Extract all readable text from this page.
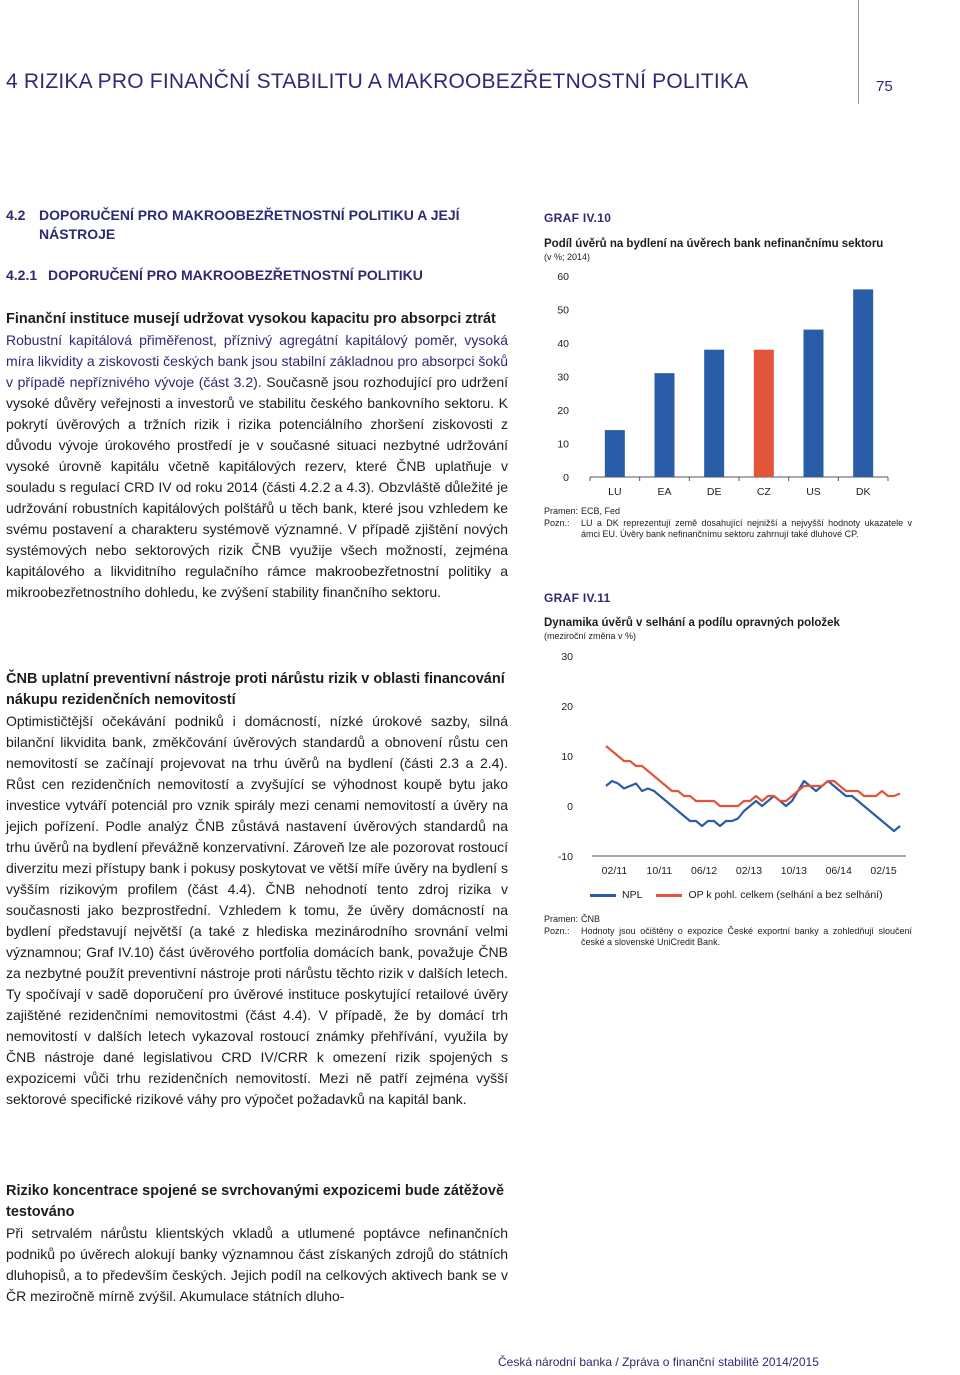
4 RIZIKA PRO FINANČNÍ STABILITU A MAKROOBEZŘETNOSTNÍ POLITIKA	75
4.2 DOPORUČENÍ PRO MAKROOBEZŘETNOSTNÍ POLITIKU A JEJÍ
NÁSTROJE
4.2.1 DOPORUČENÍ PRO MAKROOBEZŘETNOSTNÍ POLITIKU

Finanční instituce musejí udržovat vysokou kapacitu pro absorpci ztrát

Robustní kapitálová přiměřenost, příznivý agregátní kapitálový poměr, vysoká míra likvidity a ziskovosti českých bank jsou stabilní základnou pro absorpci šoků v případě nepříznivého vývoje (část 3.2). Současně jsou rozhodující pro udržení vysoké důvěry veřejnosti a investorů ve stabilitu českého bankovního sektoru. K pokrytí úvěrových a tržních rizik i rizika potenciálního zhoršení ziskovosti z důvodu vývoje úrokového prostředí je v současné situaci nezbytné udržování vysoké úrovně kapitálu včetně kapitálových rezerv, které ČNB uplatňuje v souladu s regulací CRD IV od roku 2014 (části 4.2.2 a 4.3). Obzvláště důležité je udržování robustních kapitálových polštářů u těch bank, které jsou vzhledem ke svému postavení a charakteru systémově významné. V případě zjištění nových systémových nebo sektorových rizik ČNB využije všech možností, zejména kapitálového a likviditního regulačního rámce makroobezřetnostní politiky a mikroobezřetnostního dohledu, ke zvýšení stability finančního sektoru.

ČNB uplatní preventivní nástroje proti nárůstu rizik v oblasti financování nákupu rezidenčních nemovitostí

Optimističtější očekávání podniků i domácností, nízké úrokové sazby, silná bilanční likvidita bank, změkčování úvěrových standardů a obnovení růstu cen nemovitostí se začínají projevovat na trhu úvěrů na bydlení (části 2.3 a 2.4). Růst cen rezidenčních nemovitostí a zvyšující se výhodnost koupě bytu jako investice vytváří potenciál pro vznik spirály mezi cenami nemovitostí a úvěry na jejich pořízení. Podle analýz ČNB zůstává nastavení úvěrových standardů na trhu úvěrů na bydlení převážně konzervativní. Zároveň lze ale pozorovat rostoucí diverzitu mezi přístupy bank i pokusy poskytovat ve větší míře úvěry na bydlení s vyšším rizikovým profilem (část 4.4). ČNB nehodnotí tento zdroj rizika v současnosti jako bezprostřední. Vzhledem k tomu, že úvěry domácností na bydlení představují největší (a také z hlediska mezinárodního srovnání velmi významnou; Graf IV.10) část úvěrového portfolia domácích bank, považuje ČNB za nezbytné použít preventivní nástroje proti nárůstu těchto rizik v dalších letech. Ty spočívají v sadě doporučení pro úvěrové instituce poskytující retailové úvěry zajištěné rezidenčními nemovitostmi (část 4.4). V případě, že by domácí trh nemovitostí v dalších letech vykazoval rostoucí známky přehřívání, využila by ČNB nástroje dané legislativou CRD IV/CRR k omezení rizik spojených s expozicemi vůči trhu rezidenčních nemovitostí. Mezi ně patří zejména vyšší sektorové specifické rizikové váhy pro výpočet požadavků na kapitál bank.

Riziko koncentrace spojené se svrchovanými expozicemi bude zátěžově testováno

Při setrvalém nárůstu klientských vkladů a utlumené poptávce nefinančních podniků po úvěrech alokují banky významnou část získaných zdrojů do státních dluhopisů, a to především českých. Jejich podíl na celkových aktivech bank se v ČR meziročně mírně zvýšil. Akumulace státních dluho-

GRAF IV.10
Podíl úvěrů na bydlení na úvěrech bank nefinančnímu sektoru
(v %; 2014)
0
10
20
30
40
50
60
LU	EA	DE	CZ	US	DK
Pramen: ECB, Fed
Pozn.:	LU a DK reprezentují země dosahující nejnižší a nejvyšší hodnoty ukazatele v ámci EU. Úvěry bank nefinančnímu sektoru zahrnují také dluhové CP.
GRAF IV.11
Dynamika úvěrů v selhání a podílu opravných položek
(meziroční změna v %)
-10
0
10
20
30
02/11 10/11 06/12 02/13 10/13 06/14 02/15
NPL	OP k pohl. celkem (selhání a bez selhání)
Pramen: ČNB
Pozn.:	Hodnoty jsou očištěny o expozice České exportní banky a zohledňují sloučení české a slovenské UniCredit Bank.
Česká národní banka / Zpráva o finanční stabilitě 2014/2015
